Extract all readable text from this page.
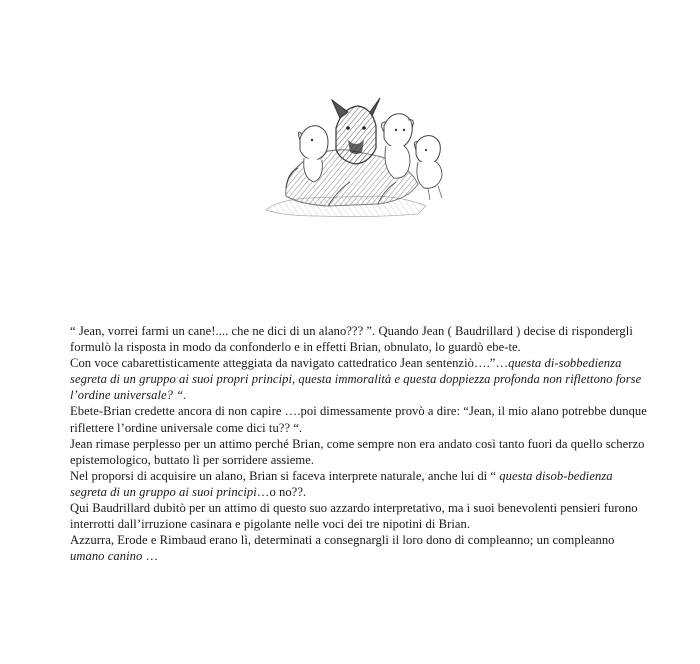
“ Jean, vorrei farmi un cane!.... che ne dici di un alano??? ”. Quando Jean ( Baudrillard ) decise di rispondergli formulò la risposta in modo da confonderlo e in effetti Brian, obnulato, lo guardò ebe-te.

Con voce cabarettisticamente atteggiata da navigato cattedratico Jean sentenziò….”…questa di-sobbedienza segreta di un gruppo ai suoi propri principi, questa immoralità e questa doppiezza profonda non riflettono forse l’ordine universale? “.

Ebete-Brian credette ancora di non capire ….poi dimessamente provò a dire: “Jean, il mio alano potrebbe dunque riflettere l’ordine universale come dici tu?? “.

Jean rimase perplesso per un attimo perché Brian, come sempre non era andato così tanto fuori da quello scherzo epistemologico, buttato lì per sorridere assieme.

Nel proporsi di acquisire un alano, Brian si faceva interprete naturale, anche lui di “ questa disob-bedienza segreta di un gruppo ai suoi principi…o no??.

Qui Baudrillard dubitò per un attimo di questo suo azzardo interpretativo, ma i suoi benevolenti pensieri furono interrotti dall’irruzione casinara e pigolante nelle voci dei tre nipotini di Brian.

Azzurra, Erode e Rimbaud erano lì, determinati a consegnargli il loro dono di compleanno; un compleanno umano canino …
